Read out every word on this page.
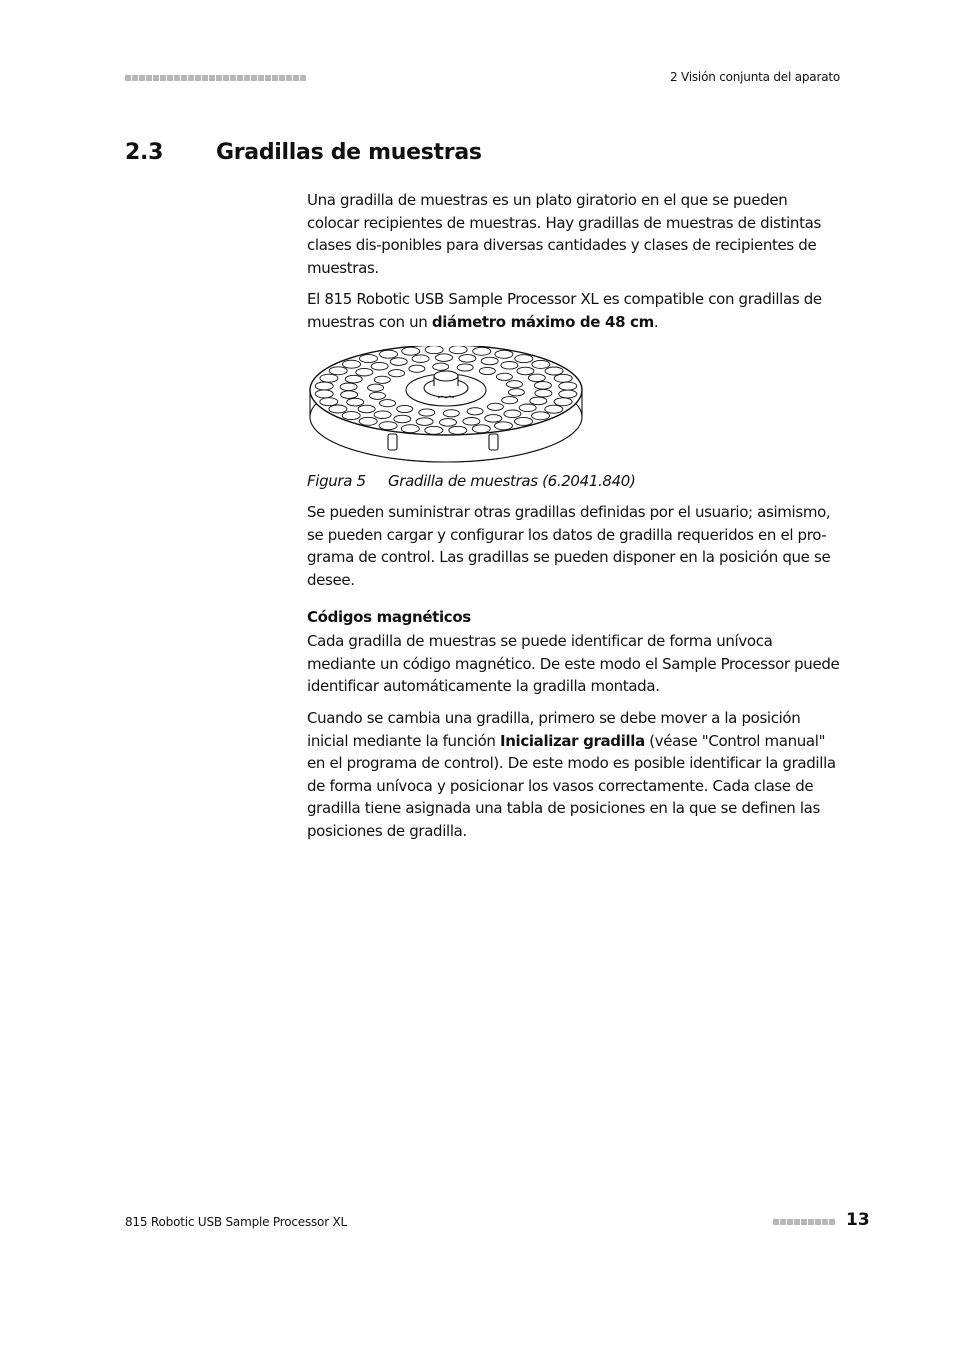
2 Visión conjunta del aparato
2.3 Gradillas de muestras

Una gradilla de muestras es un plato giratorio en el que se pueden colocar recipientes de muestras. Hay gradillas de muestras de distintas clases dis-ponibles para diversas cantidades y clases de recipientes de muestras.

El 815 Robotic USB Sample Processor XL es compatible con gradillas de muestras con un diámetro máximo de 48 cm.

Figura 5 Gradilla de muestras (6.2041.840)

Se pueden suministrar otras gradillas definidas por el usuario; asimismo, se pueden cargar y configurar los datos de gradilla requeridos en el pro-grama de control. Las gradillas se pueden disponer en la posición que se desee.

Códigos magnéticos

Cada gradilla de muestras se puede identificar de forma unívoca mediante un código magnético. De este modo el Sample Processor puede identificar automáticamente la gradilla montada.

Cuando se cambia una gradilla, primero se debe mover a la posición inicial mediante la función Inicializar gradilla (véase "Control manual" en el programa de control). De este modo es posible identificar la gradilla de forma unívoca y posicionar los vasos correctamente. Cada clase de gradilla tiene asignada una tabla de posiciones en la que se definen las posiciones de gradilla.

815 Robotic USB Sample Processor XL	13
